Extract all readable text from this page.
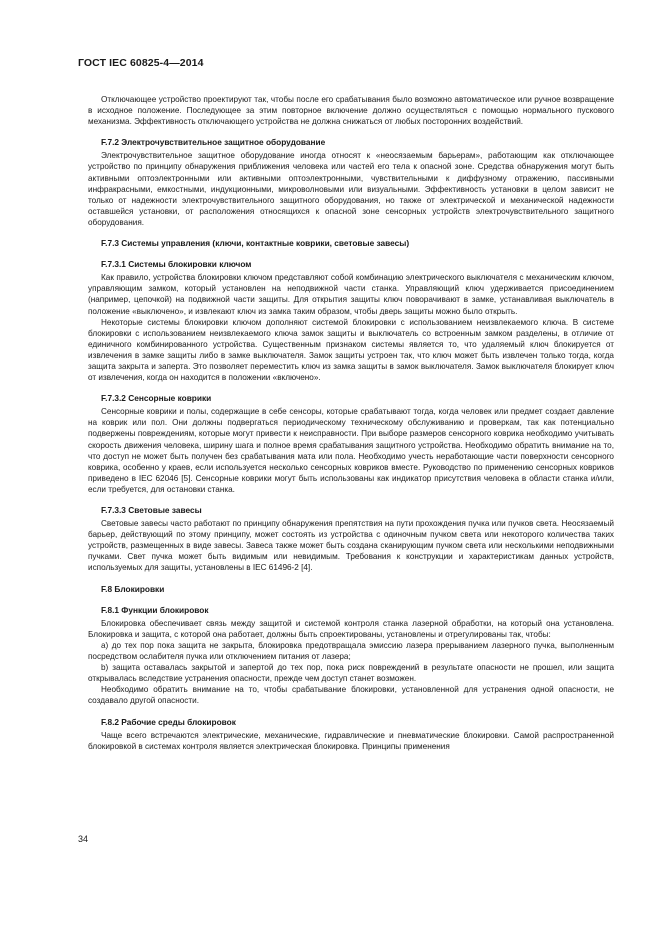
ГОСТ IEC 60825-4—2014

Отключающее устройство проектируют так, чтобы после его срабатывания было возможно автоматическое или ручное возвращение в исходное положение. Последующее за этим повторное включение должно осуществляться с помощью нормального пускового механизма. Эффективность отключающего устройства не должна снижаться от любых посторонних воздействий.

F.7.2 Электрочувствительное защитное оборудование

Электрочувствительное защитное оборудование иногда относят к «неосязаемым барьерам», работающим как отключающее устройство по принципу обнаружения приближения человека или частей его тела к опасной зоне. Средства обнаружения могут быть активными оптоэлектронными или активными оптоэлектронными, чувствительными к диффузному отражению, пассивными инфракрасными, емкостными, индукционными, микроволновыми или визуальными. Эффективность установки в целом зависит не только от надежности электрочувствительного защитного оборудования, но также от электрической и механической надежности оставшейся установки, от расположения относящихся к опасной зоне сенсорных устройств электрочувствительного защитного оборудования.

F.7.3 Системы управления (ключи, контактные коврики, световые завесы)
F.7.3.1 Системы блокировки ключом

Как правило, устройства блокировки ключом представляют собой комбинацию электрического выключателя с механическим ключом, управляющим замком, который установлен на неподвижной части станка. Управляющий ключ удерживается присоединением (например, цепочкой) на подвижной части защиты. Для открытия защиты ключ поворачивают в замке, устанавливая выключатель в положение «выключено», и извлекают ключ из замка таким образом, чтобы дверь защиты можно было открыть.

Некоторые системы блокировки ключом дополняют системой блокировки с использованием неизвлекаемого ключа. В системе блокировки с использованием неизвлекаемого ключа замок защиты и выключатель со встроенным замком разделены, в отличие от единичного комбинированного устройства. Существенным признаком системы является то, что удаляемый ключ блокируется от извлечения в замке защиты либо в замке выключателя. Замок защиты устроен так, что ключ может быть извлечен только тогда, когда защита закрыта и заперта. Это позволяет переместить ключ из замка защиты в замок выключателя. Замок выключателя блокирует ключ от извлечения, когда он находится в положении «включено».

F.7.3.2 Сенсорные коврики

Сенсорные коврики и полы, содержащие в себе сенсоры, которые срабатывают тогда, когда человек или предмет создает давление на коврик или пол. Они должны подвергаться периодическому техническому обслуживанию и проверкам, так как потенциально подвержены повреждениям, которые могут привести к неисправности. При выборе размеров сенсорного коврика необходимо учитывать скорость движения человека, ширину шага и полное время срабатывания защитного устройства. Необходимо обратить внимание на то, что доступ не может быть получен без срабатывания мата или пола. Необходимо учесть неработающие части поверхности сенсорного коврика, особенно у краев, если используется несколько сенсорных ковриков вместе. Руководство по применению сенсорных ковриков приведено в IEC 62046 [5]. Сенсорные коврики могут быть использованы как индикатор присутствия человека в области станка и/или, если требуется, для остановки станка.

F.7.3.3 Световые завесы

Световые завесы часто работают по принципу обнаружения препятствия на пути прохождения пучка или пучков света. Неосязаемый барьер, действующий по этому принципу, может состоять из устройства с одиночным пучком света или некоторого количества таких устройств, размещенных в виде завесы. Завеса также может быть создана сканирующим пучком света или несколькими неподвижными пучками. Свет пучка может быть видимым или невидимым. Требования к конструкции и характеристикам данных устройств, используемых для защиты, установлены в IEC 61496-2 [4].

F.8 Блокировки
F.8.1 Функции блокировок

Блокировка обеспечивает связь между защитой и системой контроля станка лазерной обработки, на который она установлена. Блокировка и защита, с которой она работает, должны быть спроектированы, установлены и отрегулированы так, чтобы:

a) до тех пор пока защита не закрыта, блокировка предотвращала эмиссию лазера прерыванием лазерного пучка, выполненным посредством ослабителя пучка или отключением питания от лазера;

b) защита оставалась закрытой и запертой до тех пор, пока риск повреждений в результате опасности не прошел, или защита открывалась вследствие устранения опасности, прежде чем доступ станет возможен.

Необходимо обратить внимание на то, чтобы срабатывание блокировки, установленной для устранения одной опасности, не создавало другой опасности.

F.8.2 Рабочие среды блокировок

Чаще всего встречаются электрические, механические, гидравлические и пневматические блокировки. Самой распространенной блокировкой в системах контроля является электрическая блокировка. Принципы применения

34
